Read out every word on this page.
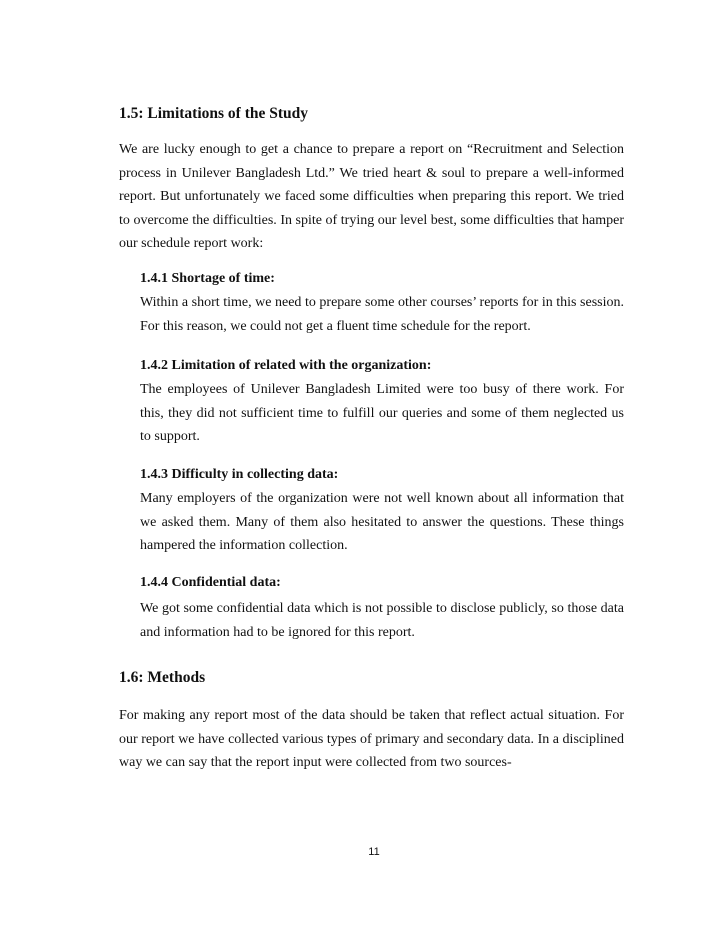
1.5: Limitations of the Study

We are lucky enough to get a chance to prepare a report on “Recruitment and Selection process in Unilever Bangladesh Ltd.” We tried heart & soul to prepare a well-informed report. But unfortunately we faced some difficulties when preparing this report. We tried to overcome the difficulties. In spite of trying our level best, some difficulties that hamper our schedule report work:

1.4.1 Shortage of time:

Within a short time, we need to prepare some other courses’ reports for in this session. For this reason, we could not get a fluent time schedule for the report.

1.4.2 Limitation of related with the organization:

The employees of Unilever Bangladesh Limited were too busy of there work. For this, they did not sufficient time to fulfill our queries and some of them neglected us to support.

1.4.3 Difficulty in collecting data:

Many employers of the organization were not well known about all information that we asked them. Many of them also hesitated to answer the questions. These things hampered the information collection.

1.4.4 Confidential data:

We got some confidential data which is not possible to disclose publicly, so those data and information had to be ignored for this report.

1.6: Methods

For making any report most of the data should be taken that reflect actual situation. For our report we have collected various types of primary and secondary data. In a disciplined way we can say that the report input were collected from two sources-

11
